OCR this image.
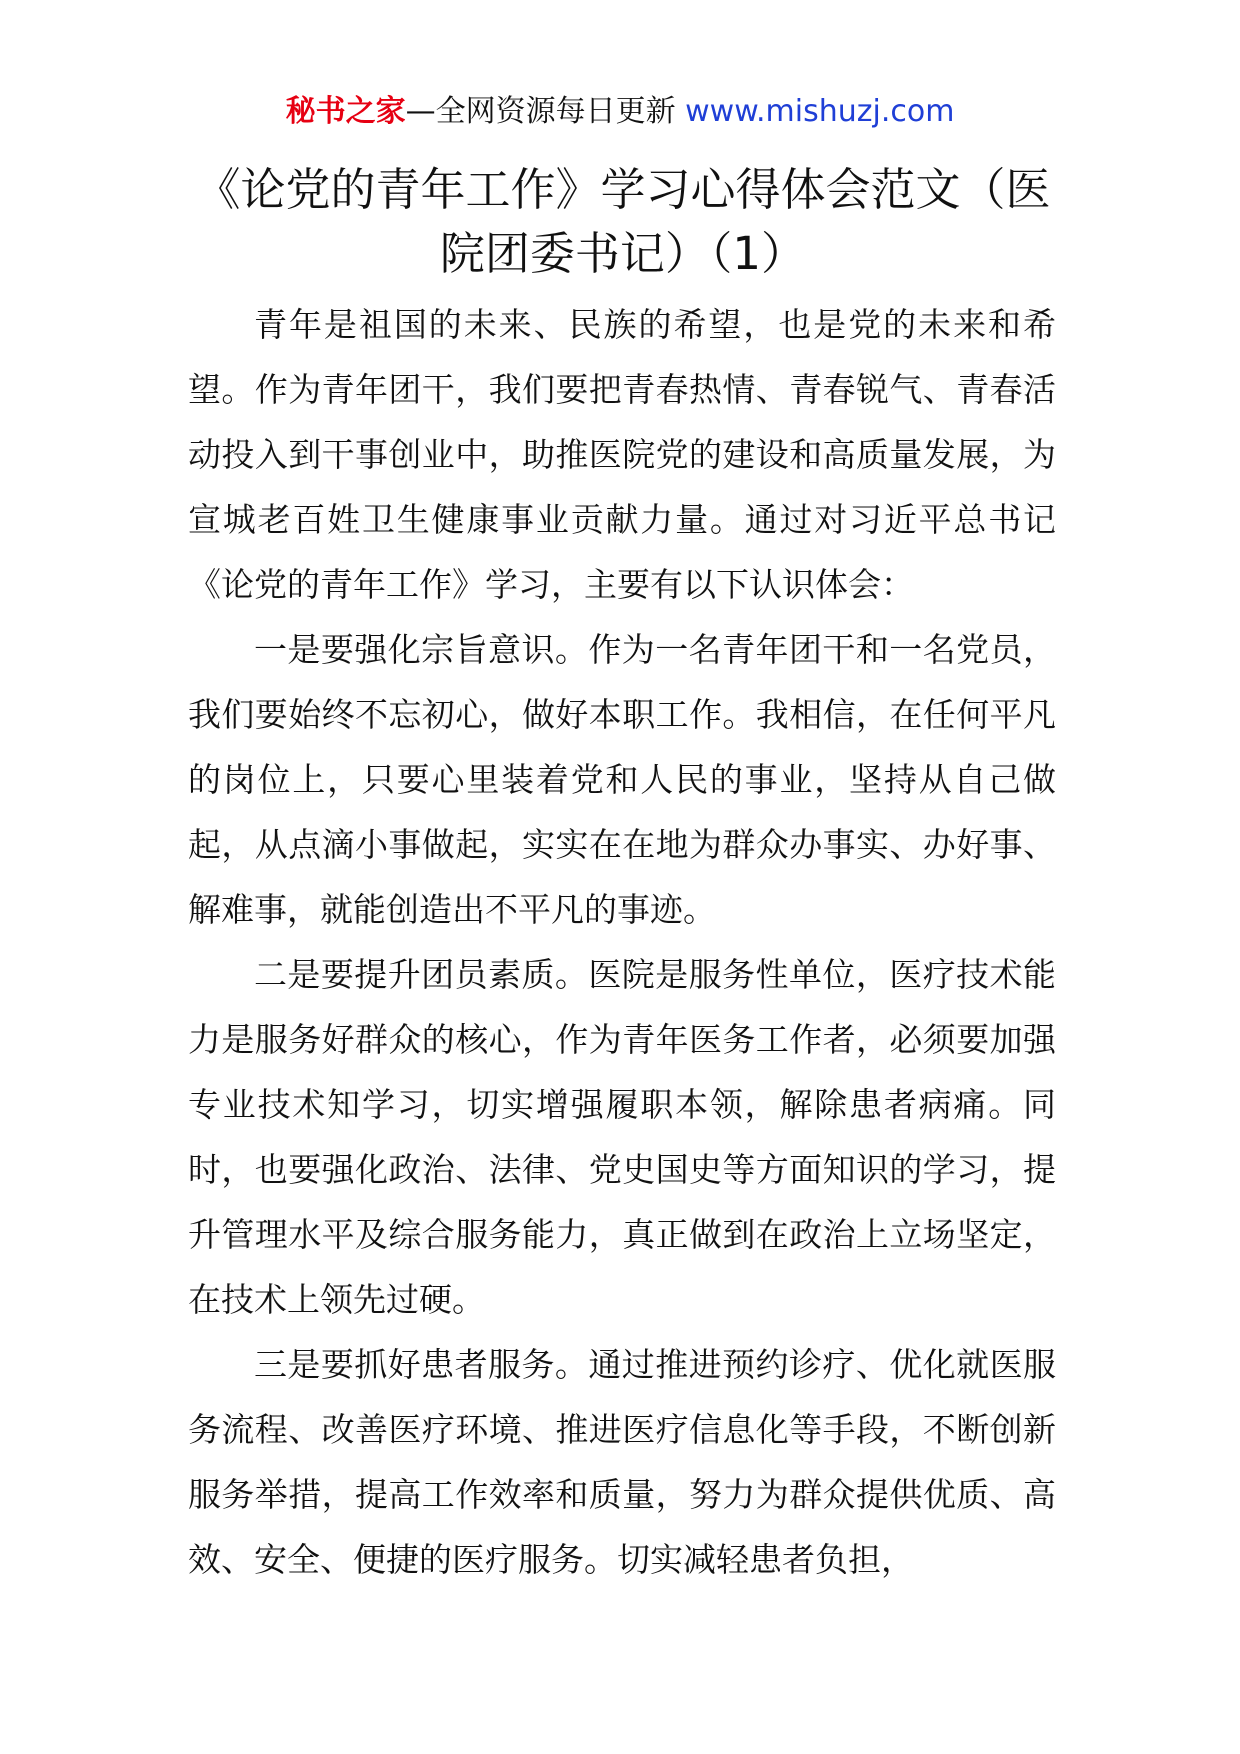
秘书之家—全网资源每日更新 www.mishuzj.com
《论党的青年工作》学习心得体会范文（医院团委书记）（1）

青年是祖国的未来、民族的希望，也是党的未来和希望。作为青年团干，我们要把青春热情、青春锐气、青春活动投入到干事创业中，助推医院党的建设和高质量发展，为宣城老百姓卫生健康事业贡献力量。通过对习近平总书记《论党的青年工作》学习，主要有以下认识体会：

一是要强化宗旨意识。作为一名青年团干和一名党员，我们要始终不忘初心，做好本职工作。我相信，在任何平凡的岗位上，只要心里装着党和人民的事业，坚持从自己做起，从点滴小事做起，实实在在地为群众办事实、办好事、解难事，就能创造出不平凡的事迹。

二是要提升团员素质。医院是服务性单位，医疗技术能力是服务好群众的核心，作为青年医务工作者，必须要加强专业技术知学习，切实增强履职本领，解除患者病痛。同时，也要强化政治、法律、党史国史等方面知识的学习，提升管理水平及综合服务能力，真正做到在政治上立场坚定，在技术上领先过硬。

三是要抓好患者服务。通过推进预约诊疗、优化就医服务流程、改善医疗环境、推进医疗信息化等手段，不断创新服务举措，提高工作效率和质量，努力为群众提供优质、高效、安全、便捷的医疗服务。切实减轻患者负担，
